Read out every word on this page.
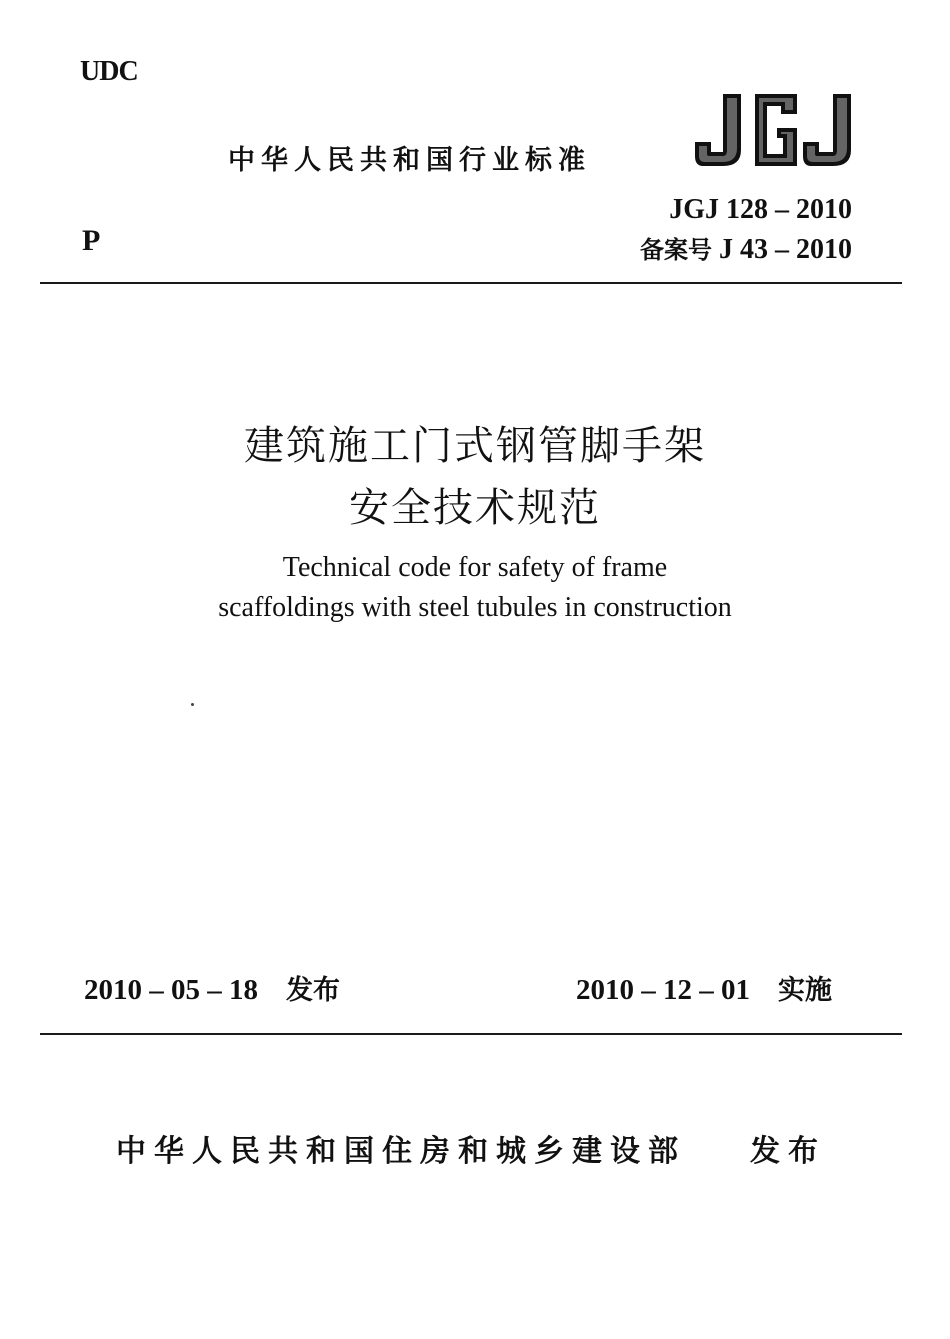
UDC
中华人民共和国行业标准
JGJ 128 – 2010
备案号 J 43 – 2010
P
建筑施工门式钢管脚手架
安全技术规范
Technical code for safety of frame
scaffoldings with steel tubules in construction
2010 – 05 – 18 发布	2010 – 12 – 01 实施
中华人民共和国住房和城乡建设部 发布
